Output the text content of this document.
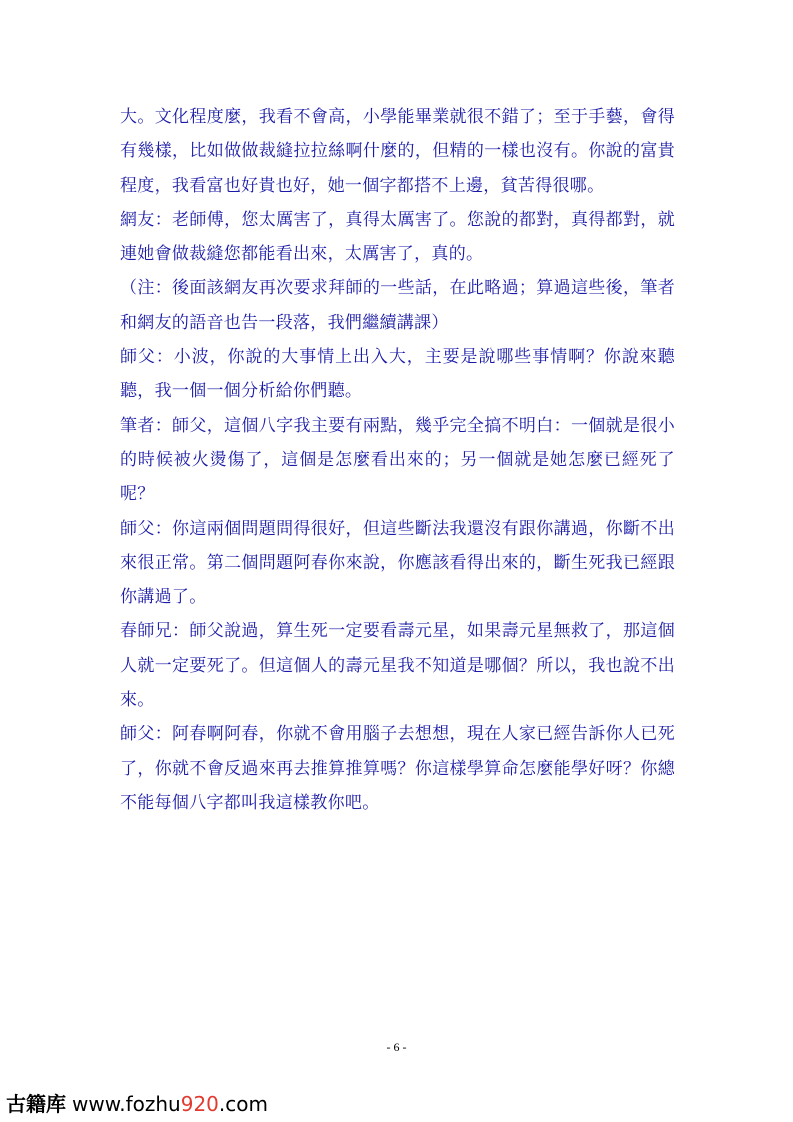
大。文化程度麼，我看不會高，小學能畢業就很不錯了；至于手藝，會得有幾樣，比如做做裁縫拉拉絲啊什麼的，但精的一樣也沒有。你說的富貴程度，我看富也好貴也好，她一個字都搭不上邊，貧苦得很哪。

網友：老師傅，您太厲害了，真得太厲害了。您說的都對，真得都對，就連她會做裁縫您都能看出來，太厲害了，真的。

（注：後面該網友再次要求拜師的一些話，在此略過；算過這些後，筆者和網友的語音也告一段落，我們繼續講課）

師父：小波，你說的大事情上出入大，主要是說哪些事情啊？你說來聽聽，我一個一個分析給你們聽。

筆者：師父，這個八字我主要有兩點，幾乎完全搞不明白：一個就是很小的時候被火燙傷了，這個是怎麼看出來的；另一個就是她怎麼已經死了呢？

師父：你這兩個問題問得很好，但這些斷法我還沒有跟你講過，你斷不出來很正常。第二個問題阿春你來說，你應該看得出來的，斷生死我已經跟你講過了。

春師兄：師父說過，算生死一定要看壽元星，如果壽元星無救了，那這個人就一定要死了。但這個人的壽元星我不知道是哪個？所以，我也說不出來。

師父：阿春啊阿春，你就不會用腦子去想想，現在人家已經告訴你人已死了，你就不會反過來再去推算推算嗎？你這樣學算命怎麼能學好呀？你總不能每個八字都叫我這樣教你吧。

- 6 -
古籍库 www.fozhu920.com
